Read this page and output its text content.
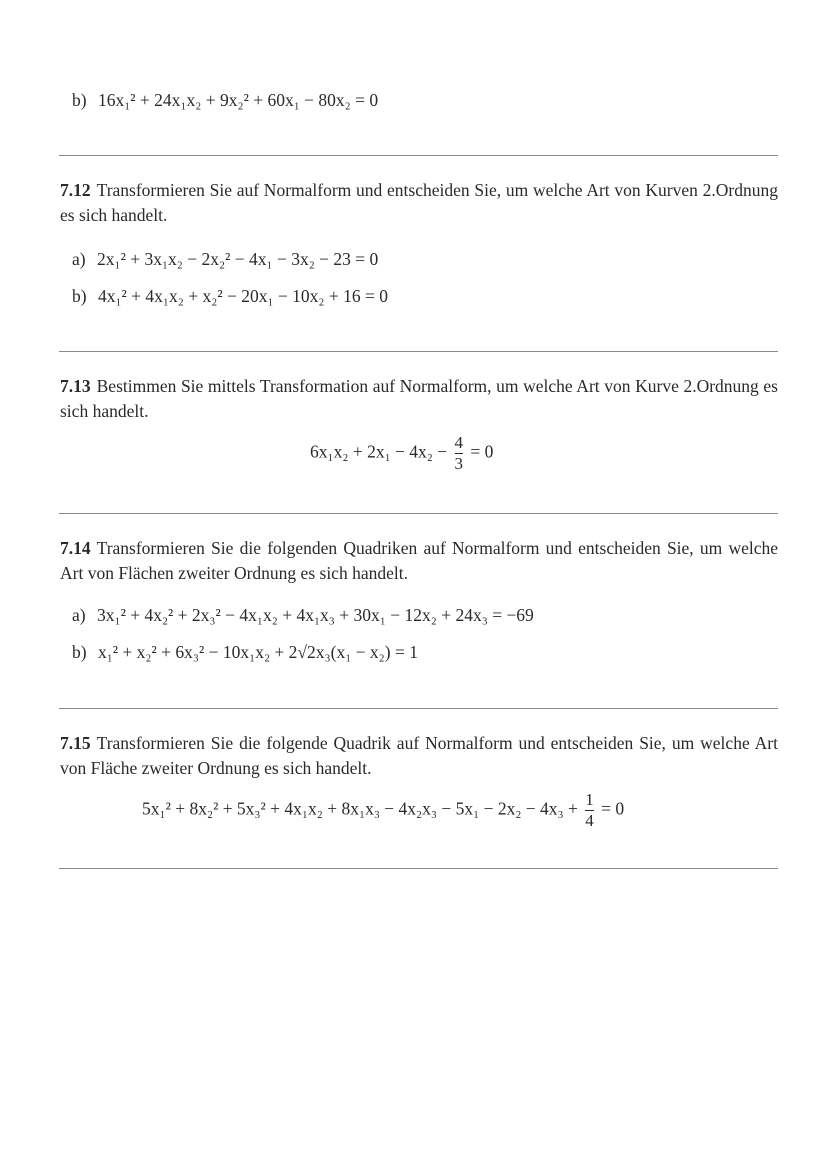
b) 16x₁² + 24x₁x₂ + 9x₂² + 60x₁ − 80x₂ = 0
7.12 Transformieren Sie auf Normalform und entscheiden Sie, um welche Art von Kurven 2.Ordnung es sich handelt.
a) 2x₁² + 3x₁x₂ − 2x₂² − 4x₁ − 3x₂ − 23 = 0
b) 4x₁² + 4x₁x₂ + x₂² − 20x₁ − 10x₂ + 16 = 0
7.13 Bestimmen Sie mittels Transformation auf Normalform, um welche Art von Kurve 2.Ordnung es sich handelt.
$6x_1x_2 + 2x_1 - 4x_2 - \frac{4}{3} = 0$
7.14 Transformieren Sie die folgenden Quadriken auf Normalform und entscheiden Sie, um welche Art von Flächen zweiter Ordnung es sich handelt.
a) 3x₁² + 4x₂² + 2x₃² − 4x₁x₂ + 4x₁x₃ + 30x₁ − 12x₂ + 24x₃ = −69
b) x₁² + x₂² + 6x₃² − 10x₁x₂ + 2√2x₃(x₁ − x₂) = 1
7.15 Transformieren Sie die folgende Quadrik auf Normalform und entscheiden Sie, um welche Art von Fläche zweiter Ordnung es sich handelt.
$5x_1^2 + 8x_2^2 + 5x_3^2 + 4x_1x_2 + 8x_1x_3 - 4x_2x_3 - 5x_1 - 2x_2 - 4x_3 + \frac{1}{4} = 0$
